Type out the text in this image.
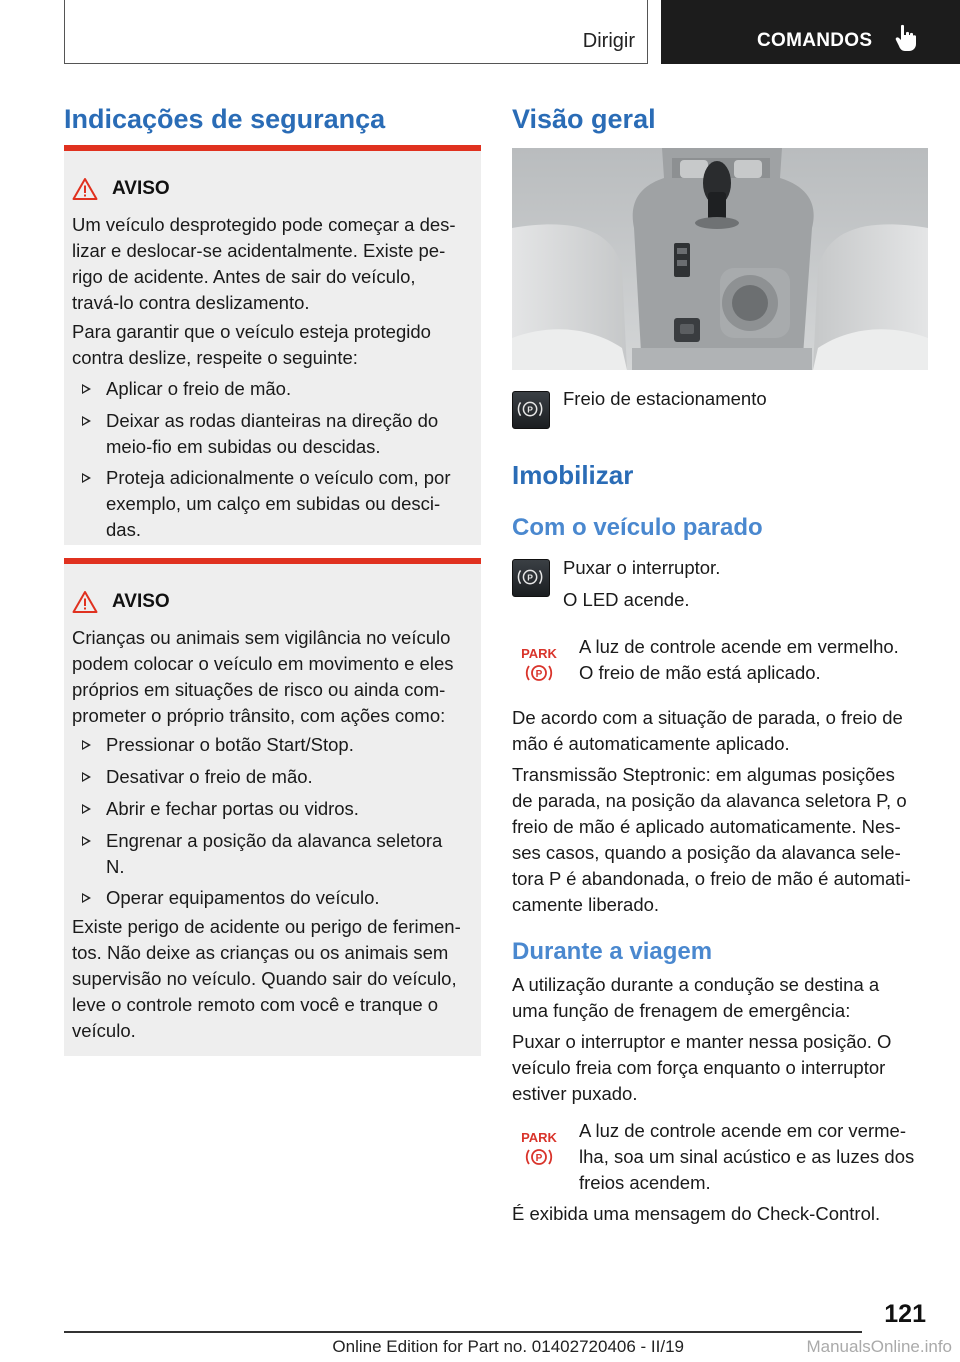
Dirigir	COMANDOS
Indicações de segurança
AVISO
Um veículo desprotegido pode começar a des-
lizar e deslocar-se acidentalmente. Existe pe-
rigo de acidente. Antes de sair do veículo,
travá-lo contra deslizamento.
Para garantir que o veículo esteja protegido
contra deslize, respeite o seguinte:
Aplicar o freio de mão.
Deixar as rodas dianteiras na direção do
meio-fio em subidas ou descidas.
Proteja adicionalmente o veículo com, por
exemplo, um calço em subidas ou desci-
das.
AVISO
Crianças ou animais sem vigilância no veículo
podem colocar o veículo em movimento e eles
próprios em situações de risco ou ainda com-
prometer o próprio trânsito, com ações como:
Pressionar o botão Start/Stop.
Desativar o freio de mão.
Abrir e fechar portas ou vidros.
Engrenar a posição da alavanca seletora
N.
Operar equipamentos do veículo.
Existe perigo de acidente ou perigo de ferimen-
tos. Não deixe as crianças ou os animais sem
supervisão no veículo. Quando sair do veículo,
leve o controle remoto com você e tranque o
veículo.
Visão geral
P
Freio de estacionamento
Imobilizar
Com o veículo parado
P Puxar o interruptor.
O LED acende.
PARK
P
A luz de controle acende em vermelho.
O freio de mão está aplicado.
De acordo com a situação de parada, o freio de
mão é automaticamente aplicado.
Transmissão Steptronic: em algumas posições
de parada, na posição da alavanca seletora P, o
freio de mão é aplicado automaticamente. Nes-
ses casos, quando a posição da alavanca sele-
tora P é abandonada, o freio de mão é automati-
camente liberado.
Durante a viagem
A utilização durante a condução se destina a
uma função de frenagem de emergência:
Puxar o interruptor e manter nessa posição. O
veículo freia com força enquanto o interruptor
estiver puxado.
PARK
P
A luz de controle acende em cor verme-
lha, soa um sinal acústico e as luzes dos
freios acendem.
É exibida uma mensagem do Check-Control.
121
Online Edition for Part no. 01402720406 - II/19	ManualsOnline.info
